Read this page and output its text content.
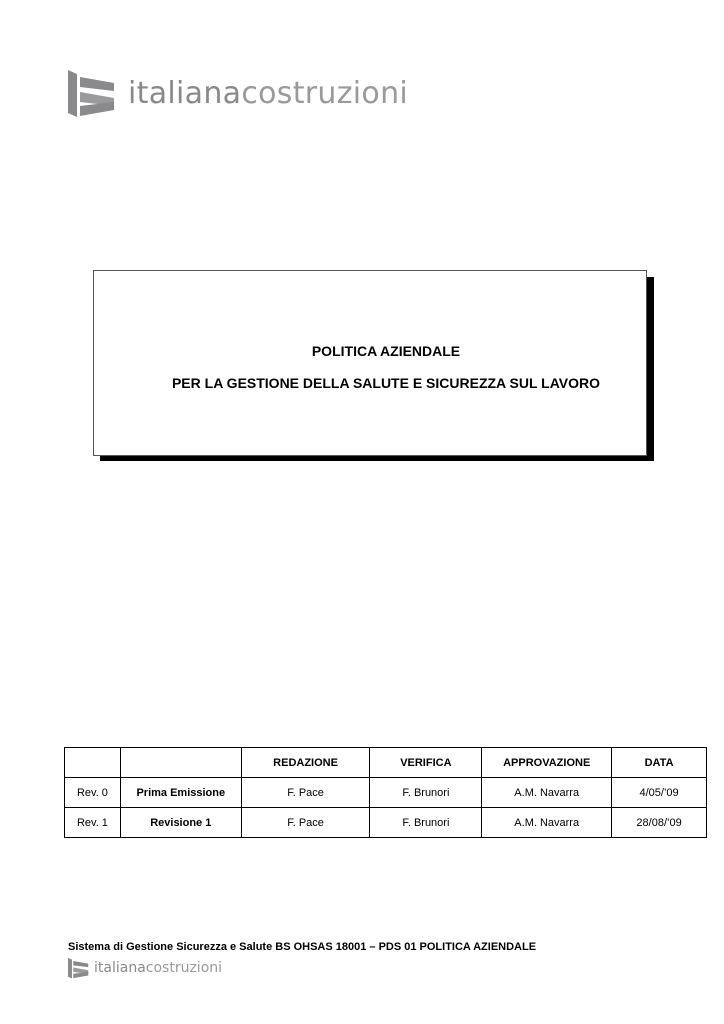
italianacostruzioni
POLITICA AZIENDALE
PER LA GESTIONE DELLA SALUTE E SICUREZZA SUL LAVORO
		REDAZIONE	VERIFICA	APPROVAZIONE	DATA
Rev. 0	Prima Emissione	F. Pace	F. Brunori	A.M. Navarra	4/05/’09
Rev. 1	Revisione 1	F. Pace	F. Brunori	A.M. Navarra	28/08/’09
Sistema di Gestione Sicurezza e Salute BS OHSAS 18001 – PDS 01 POLITICA AZIENDALE
italianacostruzioni
